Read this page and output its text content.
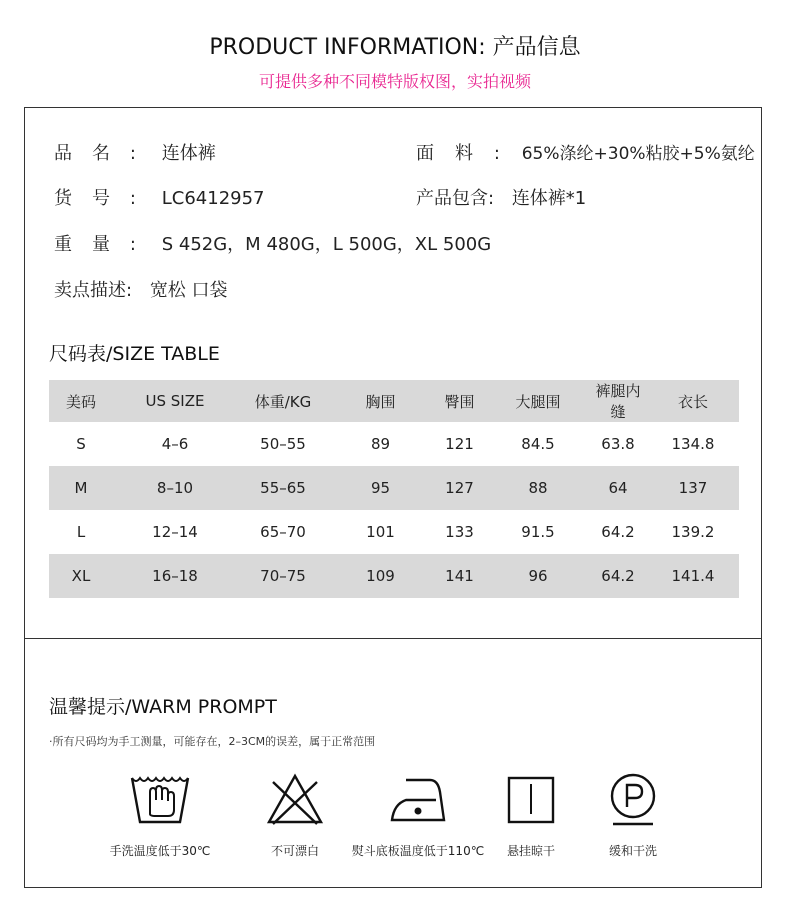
PRODUCT INFORMATION: 产品信息
可提供多种不同模特版权图，实拍视频
品名: 连体裤	面料: 65%涤纶+30%粘胶+5%氨纶
货号: LC6412957	产品包含: 连体裤*1
重量: S 452G，M 480G，L 500G，XL 500G
卖点描述: 宽松 口袋
尺码表/SIZE TABLE
美码	US SIZE	体重/KG	胸围	臀围	大腿围	裤腿内缝	衣长
S	4–6	50–55	89	121	84.5	63.8	134.8
M	8–10	55–65	95	127	88	64	137
L	12–14	65–70	101	133	91.5	64.2	139.2
XL	16–18	70–75	109	141	96	64.2	141.4
温馨提示/WARM PROMPT
·所有尺码均为手工测量，可能存在，2–3CM的误差，属于正常范围
手洗温度低于30℃	不可漂白	熨斗底板温度低于110℃	悬挂晾干	缓和干洗
